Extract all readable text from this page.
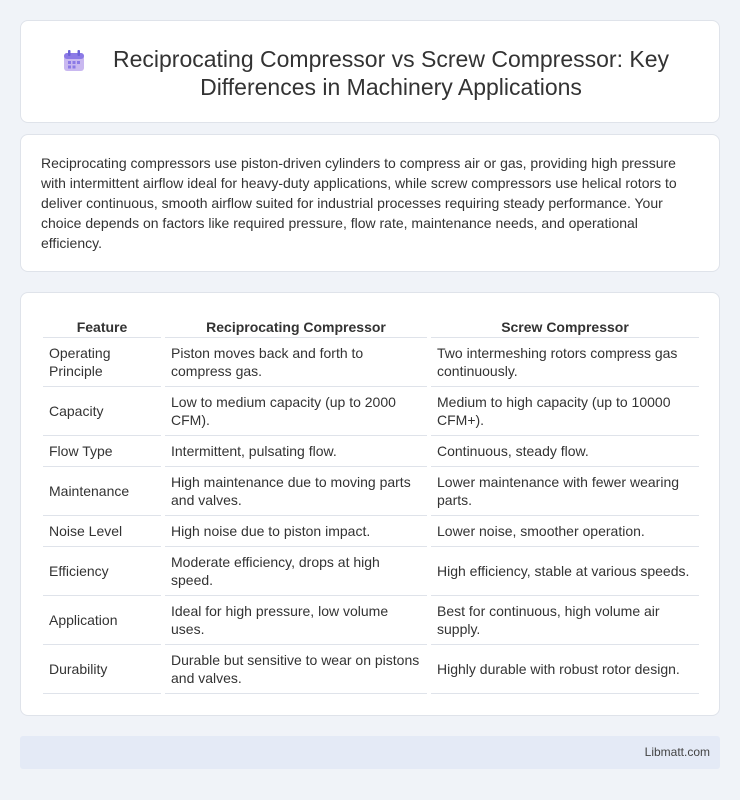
Reciprocating Compressor vs Screw Compressor: Key Differences in Machinery Applications

Reciprocating compressors use piston-driven cylinders to compress air or gas, providing high pressure with intermittent airflow ideal for heavy-duty applications, while screw compressors use helical rotors to deliver continuous, smooth airflow suited for industrial processes requiring steady performance. Your choice depends on factors like required pressure, flow rate, maintenance needs, and operational efficiency.

Feature	Reciprocating Compressor	Screw Compressor
Operating Principle	Piston moves back and forth to compress gas.	Two intermeshing rotors compress gas continuously.
Capacity	Low to medium capacity (up to 2000 CFM).	Medium to high capacity (up to 10000 CFM+).
Flow Type	Intermittent, pulsating flow.	Continuous, steady flow.
Maintenance	High maintenance due to moving parts and valves.	Lower maintenance with fewer wearing parts.
Noise Level	High noise due to piston impact.	Lower noise, smoother operation.
Efficiency	Moderate efficiency, drops at high speed.	High efficiency, stable at various speeds.
Application	Ideal for high pressure, low volume uses.	Best for continuous, high volume air supply.
Durability	Durable but sensitive to wear on pistons and valves.	Highly durable with robust rotor design.
Libmatt.com
